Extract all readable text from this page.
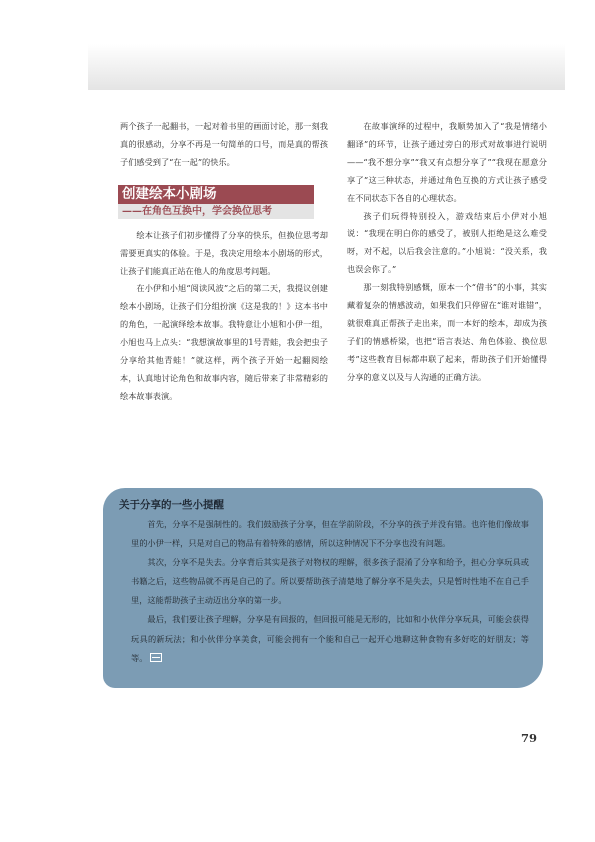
两个孩子一起翻书，一起对着书里的画面讨论，那一刻我真的很感动，分享不再是一句简单的口号，而是真的帮孩子们感受到了“在一起”的快乐。

创建绘本小剧场
——在角色互换中，学会换位思考

绘本让孩子们初步懂得了分享的快乐，但换位思考却需要更真实的体验。于是，我决定用绘本小剧场的形式，让孩子们能真正站在他人的角度思考问题。

在小伊和小旭“阅读风波”之后的第二天，我提议创建绘本小剧场，让孩子们分组扮演《这是我的！》这本书中的角色，一起演绎绘本故事。我特意让小旭和小伊一组，小旭也马上点头：“我想演故事里的1号青蛙，我会把虫子分享给其他青蛙！”就这样，两个孩子开始一起翻阅绘本，认真地讨论角色和故事内容，随后带来了非常精彩的绘本故事表演。

在故事演绎的过程中，我顺势加入了“我是情绪小翻译”的环节，让孩子通过旁白的形式对故事进行说明——“我不想分享”“我又有点想分享了”“我现在愿意分享了”这三种状态，并通过角色互换的方式让孩子感受在不同状态下各自的心理状态。

孩子们玩得特别投入，游戏结束后小伊对小旭说：“我现在明白你的感受了，被别人拒绝是这么难受呀，对不起，以后我会注意的。”小旭说：“没关系，我也误会你了。”

那一刻我特别感慨，原本一个“借书”的小事，其实藏着复杂的情感波动，如果我们只停留在“谁对谁错”，就很难真正帮孩子走出来，而一本好的绘本，却成为孩子们的情感桥梁，也把“语言表达、角色体验、换位思考”这些教育目标都串联了起来，帮助孩子们开始懂得分享的意义以及与人沟通的正确方法。

关于分享的一些小提醒

首先，分享不是强制性的。我们鼓励孩子分享，但在学前阶段，不分享的孩子并没有错。也许他们像故事里的小伊一样，只是对自己的物品有着特殊的感情，所以这种情况下不分享也没有问题。

其次，分享不是失去。分享背后其实是孩子对物权的理解，很多孩子混淆了分享和给予，担心分享玩具或书籍之后，这些物品就不再是自己的了。所以要帮助孩子清楚地了解分享不是失去，只是暂时性地不在自己手里，这能帮助孩子主动迈出分享的第一步。

最后，我们要让孩子理解，分享是有回报的，但回报可能是无形的，比如和小伙伴分享玩具，可能会获得玩具的新玩法；和小伙伴分享美食，可能会拥有一个能和自己一起开心地聊这种食物有多好吃的好朋友；等等。

79
